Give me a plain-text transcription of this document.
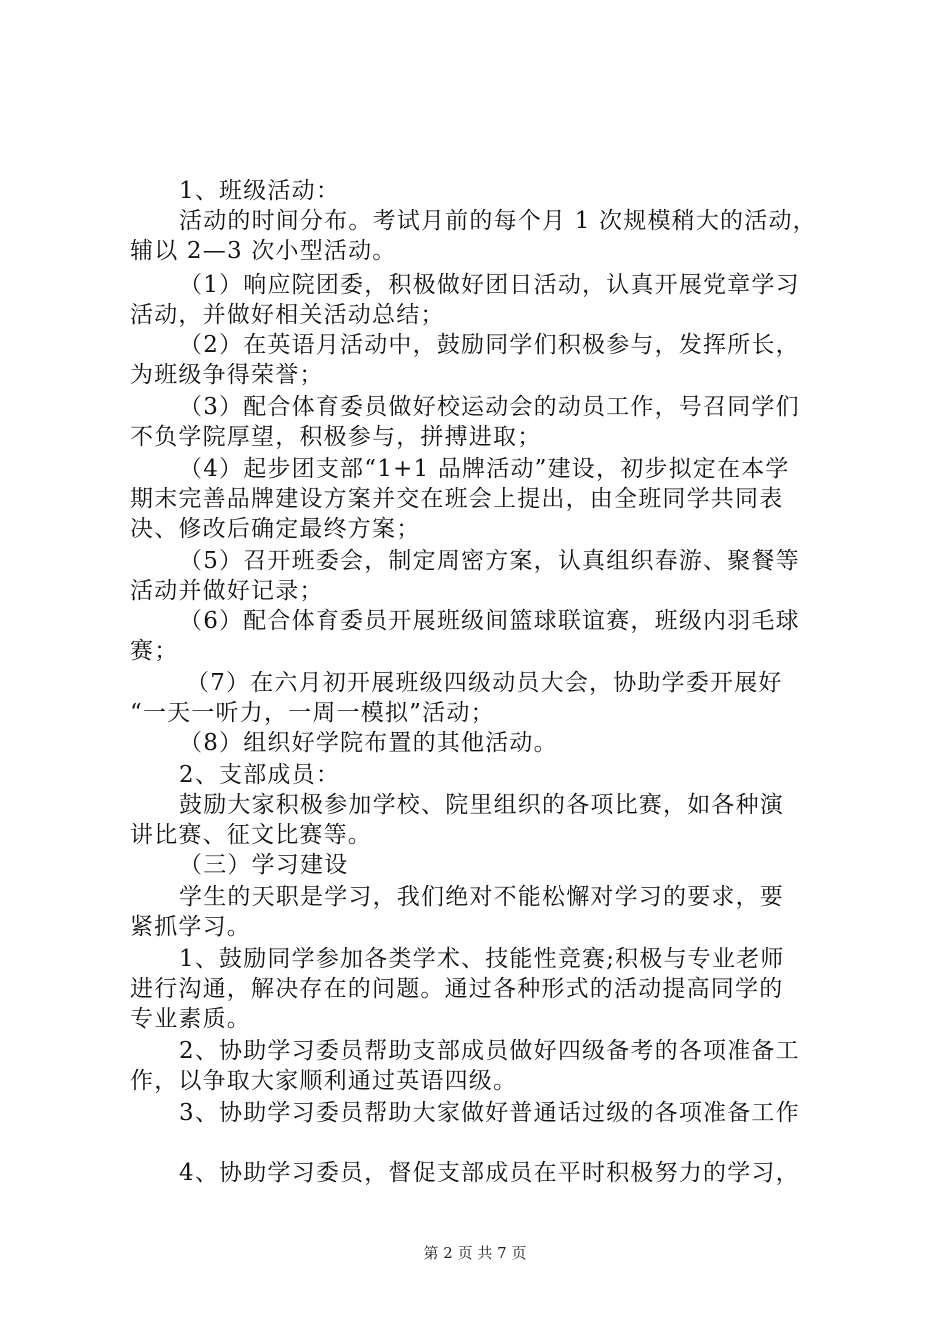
1、班级活动：
活动的时间分布。考试月前的每个月 1 次规模稍大的活动，
辅以 2—3 次小型活动。
（1）响应院团委，积极做好团日活动，认真开展党章学习
活动，并做好相关活动总结；
（2）在英语月活动中，鼓励同学们积极参与，发挥所长，
为班级争得荣誉；
（3）配合体育委员做好校运动会的动员工作，号召同学们
不负学院厚望，积极参与，拼搏进取；
（4）起步团支部“1+1 品牌活动”建设，初步拟定在本学
期末完善品牌建设方案并交在班会上提出，由全班同学共同表
决、修改后确定最终方案；
（5）召开班委会，制定周密方案，认真组织春游、聚餐等
活动并做好记录；
（6）配合体育委员开展班级间篮球联谊赛，班级内羽毛球
赛；
（7）在六月初开展班级四级动员大会，协助学委开展好
“一天一听力，一周一模拟”活动；
（8）组织好学院布置的其他活动。
2、支部成员：
鼓励大家积极参加学校、院里组织的各项比赛，如各种演
讲比赛、征文比赛等。
（三）学习建设
学生的天职是学习，我们绝对不能松懈对学习的要求，要
紧抓学习。
1、鼓励同学参加各类学术、技能性竞赛;积极与专业老师
进行沟通，解决存在的问题。通过各种形式的活动提高同学的
专业素质。
2、协助学习委员帮助支部成员做好四级备考的各项准备工
作，以争取大家顺利通过英语四级。
3、协助学习委员帮助大家做好普通话过级的各项准备工作
4、协助学习委员，督促支部成员在平时积极努力的学习，
第 2 页 共 7 页
